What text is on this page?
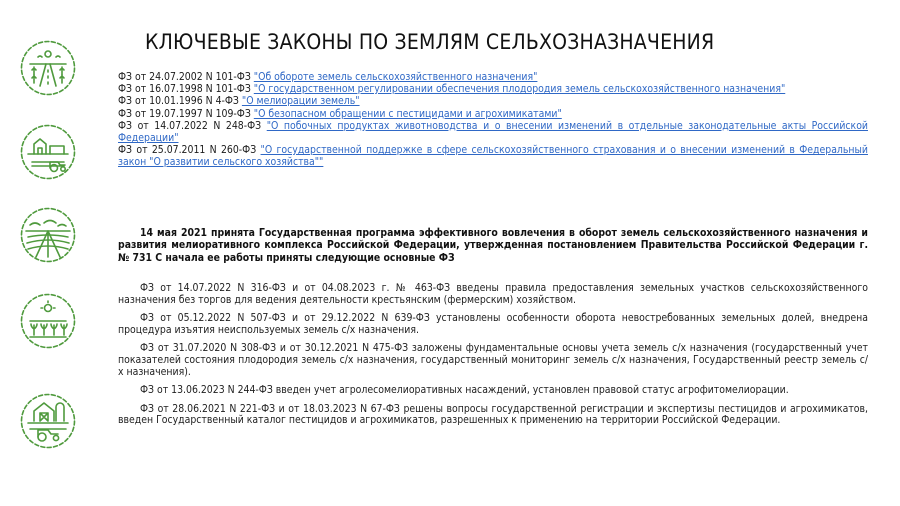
КЛЮЧЕВЫЕ ЗАКОНЫ ПО ЗЕМЛЯМ СЕЛЬХОЗНАЗНАЧЕНИЯ

ФЗ от 24.07.2002 N 101-ФЗ "Об обороте земель сельскохозяйственного назначения"

ФЗ от 16.07.1998 N 101-ФЗ "О государственном регулировании обеспечения плодородия земель сельскохозяйственного назначения"

ФЗ от 10.01.1996 N 4-ФЗ "О мелиорации земель"

ФЗ от 19.07.1997 N 109-ФЗ "О безопасном обращении с пестицидами и агрохимикатами"

ФЗ от 14.07.2022 N 248-ФЗ "О побочных продуктах животноводства и о внесении изменений в отдельные законодательные акты Российской Федерации"

ФЗ от 25.07.2011 N 260-ФЗ "О государственной поддержке в сфере сельскохозяйственного страхования и о внесении изменений в Федеральный закон "О развитии сельского хозяйства""

14 мая 2021 принята Государственная программа эффективного вовлечения в оборот земель сельскохозяйственного назначения и развития мелиоративного комплекса Российской Федерации, утвержденная постановлением Правительства Российской Федерации г. № 731 С начала ее работы приняты следующие основные ФЗ

ФЗ от 14.07.2022 N 316-ФЗ и от 04.08.2023 г. № 463-ФЗ введены правила предоставления земельных участков сельскохозяйственного назначения без торгов для ведения деятельности крестьянским (фермерским) хозяйством.

ФЗ от 05.12.2022 N 507-ФЗ и от 29.12.2022 N 639-ФЗ установлены особенности оборота невостребованных земельных долей, внедрена процедура изъятия неиспользуемых земель с/х назначения.

ФЗ от 31.07.2020 N 308-ФЗ и от 30.12.2021 N 475-ФЗ заложены фундаментальные основы учета земель с/х назначения (государственный учет показателей состояния плодородия земель с/х назначения, государственный мониторинг земель с/х назначения, Государственный реестр земель с/х назначения).

ФЗ от 13.06.2023 N 244-ФЗ введен учет агролесомелиоративных насаждений, установлен правовой статус агрофитомелиорации.

ФЗ от 28.06.2021 N 221-ФЗ и от 18.03.2023 N 67-ФЗ решены вопросы государственной регистрации и экспертизы пестицидов и агрохимикатов, введен Государственный каталог пестицидов и агрохимикатов, разрешенных к применению на территории Российской Федерации.
